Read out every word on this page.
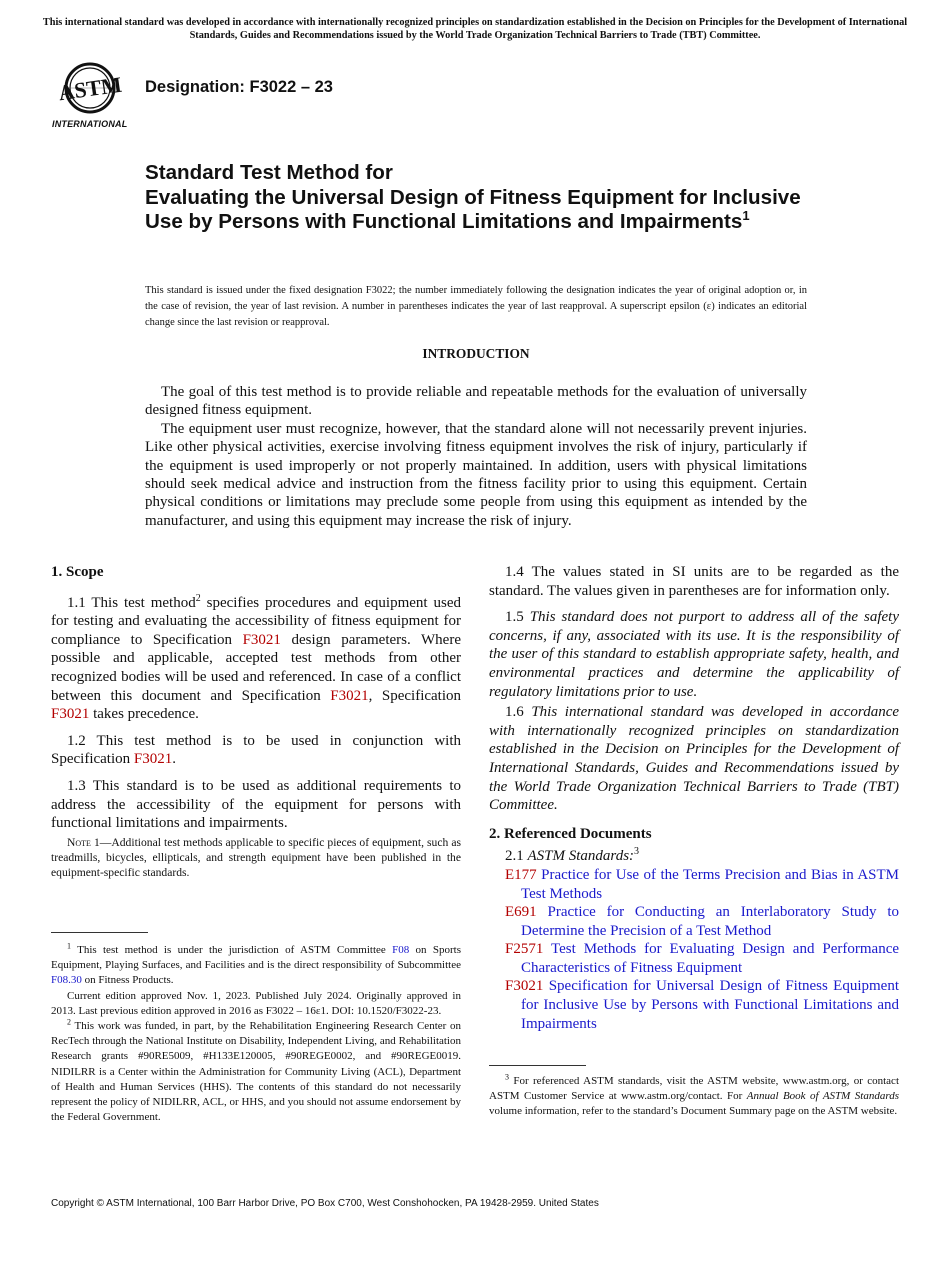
This international standard was developed in accordance with internationally recognized principles on standardization established in the Decision on Principles for the Development of International Standards, Guides and Recommendations issued by the World Trade Organization Technical Barriers to Trade (TBT) Committee.
ASTM
INTERNATIONAL
Designation: F3022 – 23
Standard Test Method for
Evaluating the Universal Design of Fitness Equipment for Inclusive Use by Persons with Functional Limitations and Impairments$^1$
This standard is issued under the fixed designation F3022; the number immediately following the designation indicates the year of original adoption or, in the case of revision, the year of last revision. A number in parentheses indicates the year of last reapproval. A superscript epsilon (ε) indicates an editorial change since the last revision or reapproval.
INTRODUCTION

The goal of this test method is to provide reliable and repeatable methods for the evaluation of universally designed fitness equipment.

The equipment user must recognize, however, that the standard alone will not necessarily prevent injuries. Like other physical activities, exercise involving fitness equipment involves the risk of injury, particularly if the equipment is used improperly or not properly maintained. In addition, users with physical limitations should seek medical advice and instruction from the fitness facility prior to using this equipment. Certain physical conditions or limitations may preclude some people from using this equipment as intended by the manufacturer, and using this equipment may increase the risk of injury.

1. Scope

1.1 This test method$^2$ specifies procedures and equipment used for testing and evaluating the accessibility of fitness equipment for compliance to Specification F3021 design parameters. Where possible and applicable, accepted test methods from other recognized bodies will be used and referenced. In case of a conflict between this document and Specification F3021, Specification F3021 takes precedence.

1.2 This test method is to be used in conjunction with Specification F3021.

1.3 This standard is to be used as additional requirements to address the accessibility of the equipment for persons with functional limitations and impairments.

Note 1—Additional test methods applicable to specific pieces of equipment, such as treadmills, bicycles, ellipticals, and strength equipment have been published in the equipment-specific standards.

1.4 The values stated in SI units are to be regarded as the standard. The values given in parentheses are for information only.

1.5 This standard does not purport to address all of the safety concerns, if any, associated with its use. It is the responsibility of the user of this standard to establish appropriate safety, health, and environmental practices and determine the applicability of regulatory limitations prior to use.

1.6 This international standard was developed in accordance with internationally recognized principles on standardization established in the Decision on Principles for the Development of International Standards, Guides and Recommendations issued by the World Trade Organization Technical Barriers to Trade (TBT) Committee.

2. Referenced Documents

2.1 ASTM Standards:$^3$

E177 Practice for Use of the Terms Precision and Bias in ASTM Test Methods

E691 Practice for Conducting an Interlaboratory Study to Determine the Precision of a Test Method

F2571 Test Methods for Evaluating Design and Performance Characteristics of Fitness Equipment

F3021 Specification for Universal Design of Fitness Equipment for Inclusive Use by Persons with Functional Limitations and Impairments

$^1$ This test method is under the jurisdiction of ASTM Committee F08 on Sports Equipment, Playing Surfaces, and Facilities and is the direct responsibility of Subcommittee F08.30 on Fitness Products.

Current edition approved Nov. 1, 2023. Published July 2024. Originally approved in 2013. Last previous edition approved in 2016 as F3022 – 16ε1. DOI: 10.1520/F3022-23.

$^2$ This work was funded, in part, by the Rehabilitation Engineering Research Center on RecTech through the National Institute on Disability, Independent Living, and Rehabilitation Research grants #90RE5009, #H133E120005, #90REGE0002, and #90REGE0019. NIDILRR is a Center within the Administration for Community Living (ACL), Department of Health and Human Services (HHS). The contents of this standard do not necessarily represent the policy of NIDILRR, ACL, or HHS, and you should not assume endorsement by the Federal Government.

$^3$ For referenced ASTM standards, visit the ASTM website, www.astm.org, or contact ASTM Customer Service at www.astm.org/contact. For Annual Book of ASTM Standards volume information, refer to the standard’s Document Summary page on the ASTM website.

Copyright © ASTM International, 100 Barr Harbor Drive, PO Box C700, West Conshohocken, PA 19428-2959. United States
